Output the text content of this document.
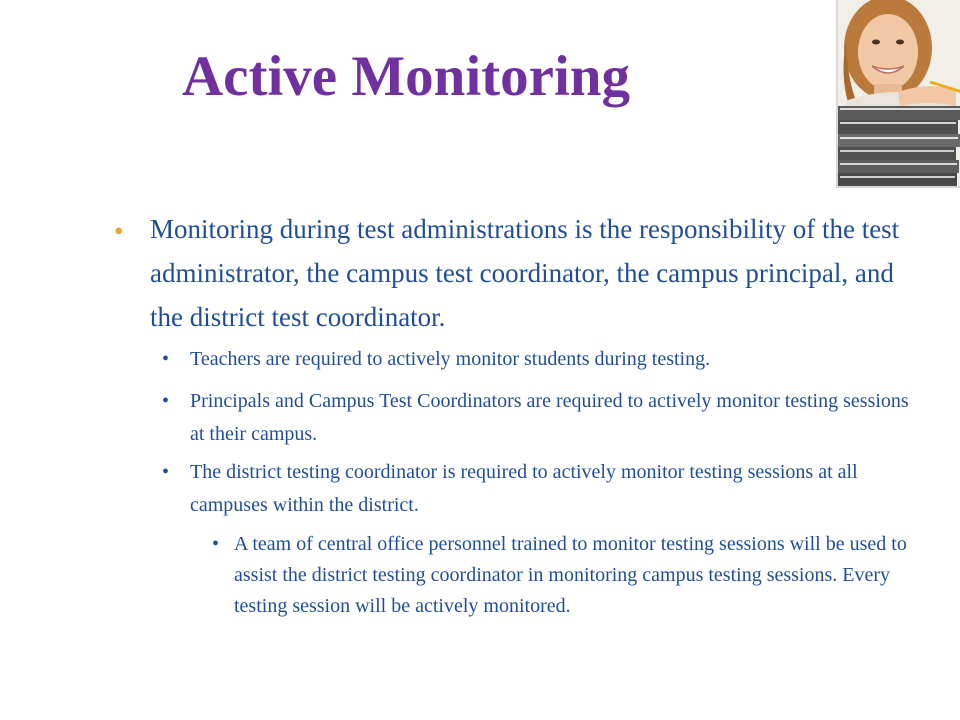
Active Monitoring
• Monitoring during test administrations is the responsibility of the test administrator, the campus test coordinator, the campus principal, and the district test coordinator.
• Teachers are required to actively monitor students during testing.
• Principals and Campus Test Coordinators are required to actively monitor testing sessions at their campus.
• The district testing coordinator is required to actively monitor testing sessions at all campuses within the district.
• A team of central office personnel trained to monitor testing sessions will be used to assist the district testing coordinator in monitoring campus testing sessions. Every testing session will be actively monitored.
